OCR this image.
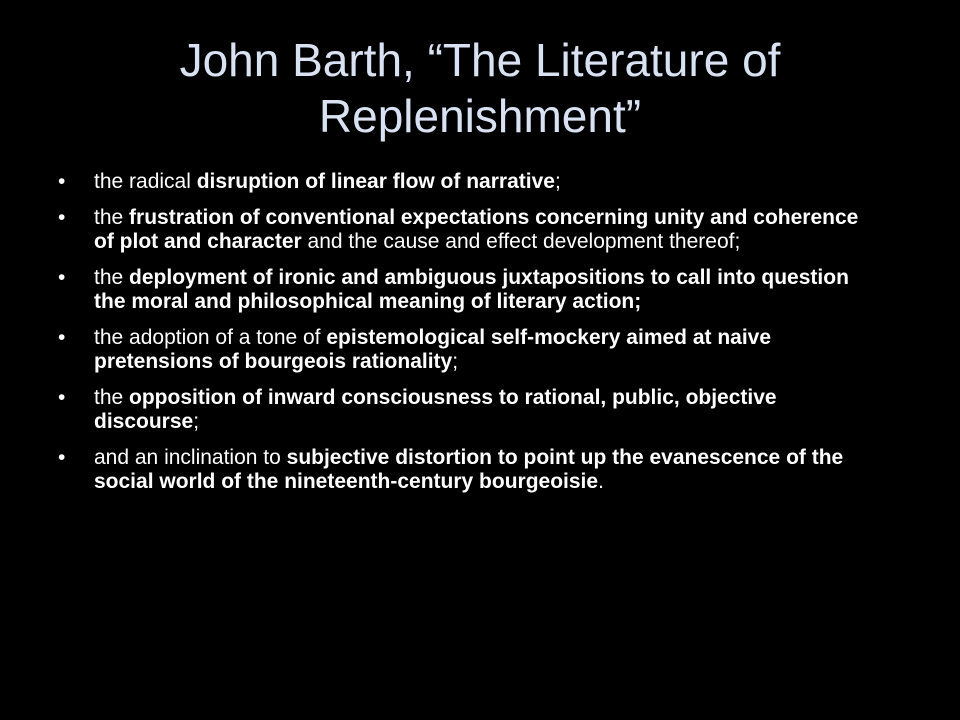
John Barth, “The Literature of Replenishment”
• the radical disruption of linear flow of narrative;
• the frustration of conventional expectations concerning unity and coherence of plot and character and the cause and effect development thereof;
• the deployment of ironic and ambiguous juxtapositions to call into question the moral and philosophical meaning of literary action;
• the adoption of a tone of epistemological self-mockery aimed at naive pretensions of bourgeois rationality;
• the opposition of inward consciousness to rational, public, objective discourse;
• and an inclination to subjective distortion to point up the evanescence of the social world of the nineteenth-century bourgeoisie.
